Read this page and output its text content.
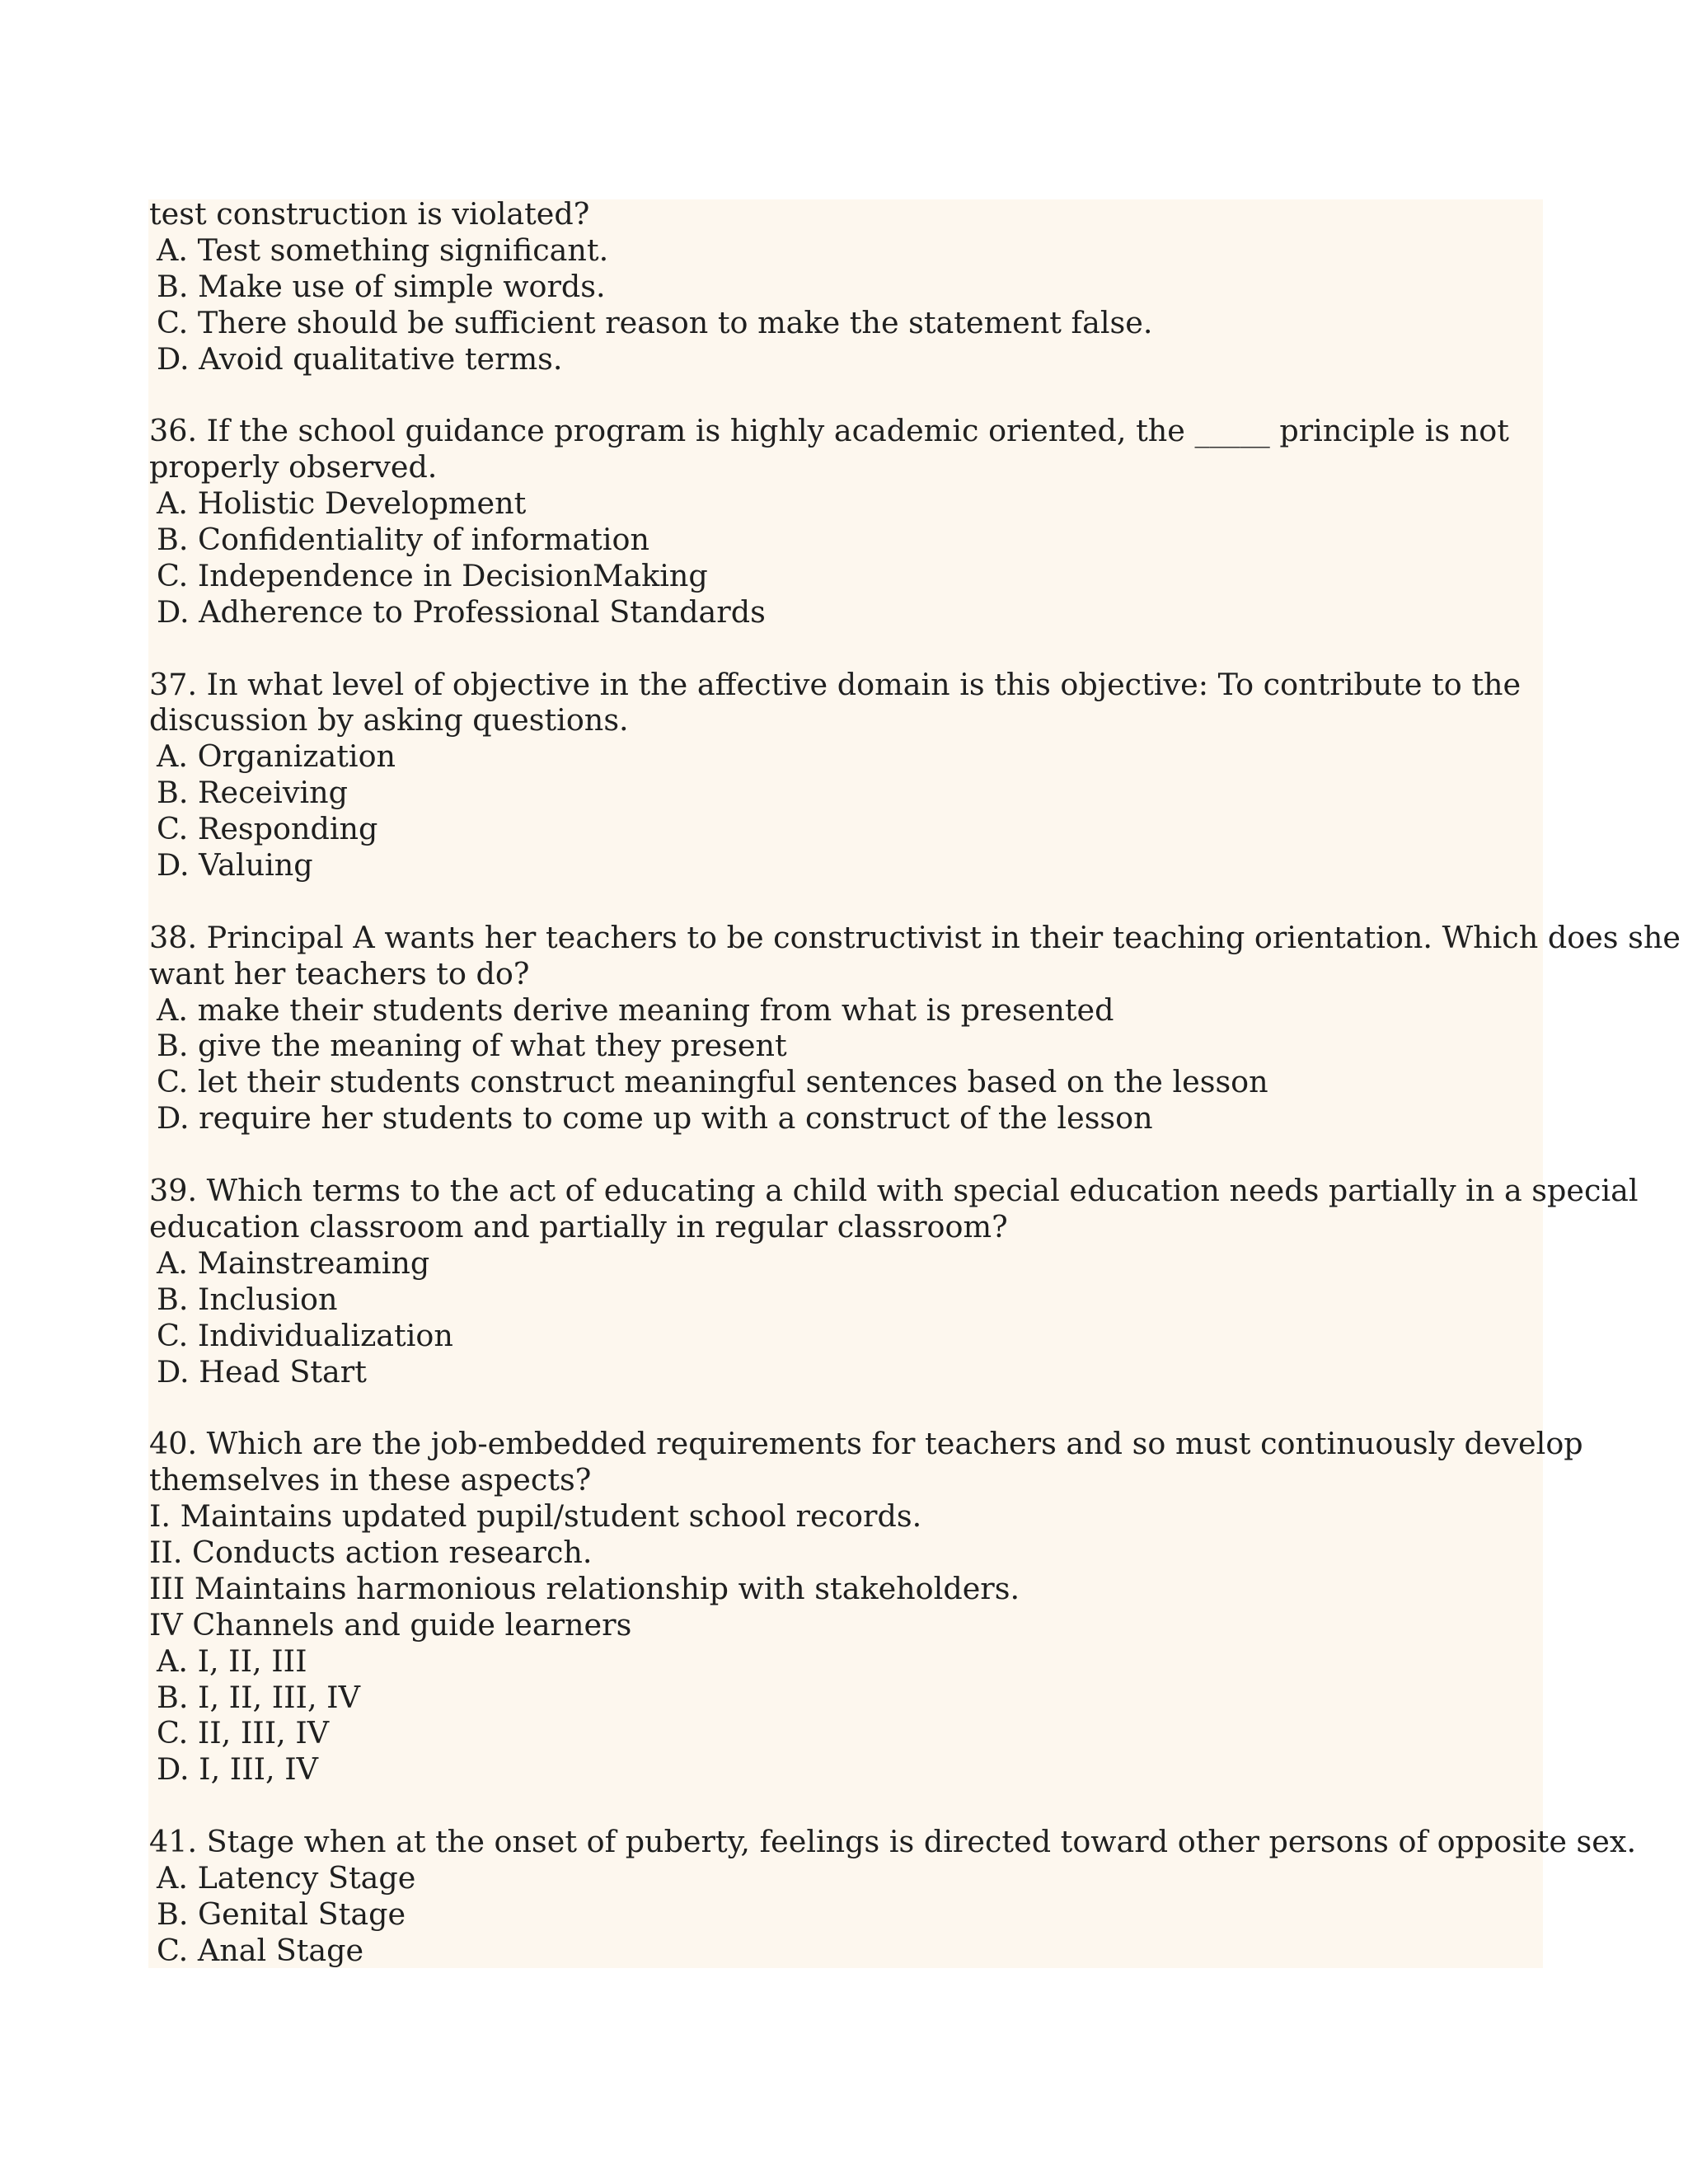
test construction is violated?
A. Test something significant.
B. Make use of simple words.
C. There should be sufficient reason to make the statement false.
D. Avoid qualitative terms.
36. If the school guidance program is highly academic oriented, the _____ principle is not
properly observed.
A. Holistic Development
B. Confidentiality of information
C. Independence in DecisionMaking
D. Adherence to Professional Standards
37. In what level of objective in the affective domain is this objective: To contribute to the
discussion by asking questions.
A. Organization
B. Receiving
C. Responding
D. Valuing
38. Principal A wants her teachers to be constructivist in their teaching orientation. Which does she
want her teachers to do?
A. make their students derive meaning from what is presented
B. give the meaning of what they present
C. let their students construct meaningful sentences based on the lesson
D. require her students to come up with a construct of the lesson
39. Which terms to the act of educating a child with special education needs partially in a special
education classroom and partially in regular classroom?
A. Mainstreaming
B. Inclusion
C. Individualization
D. Head Start
40. Which are the job-embedded requirements for teachers and so must continuously develop
themselves in these aspects?
I. Maintains updated pupil/student school records.
II. Conducts action research.
III Maintains harmonious relationship with stakeholders.
IV Channels and guide learners
A. I, II, III
B. I, II, III, IV
C. II, III, IV
D. I, III, IV
41. Stage when at the onset of puberty, feelings is directed toward other persons of opposite sex.
A. Latency Stage
B. Genital Stage
C. Anal Stage
